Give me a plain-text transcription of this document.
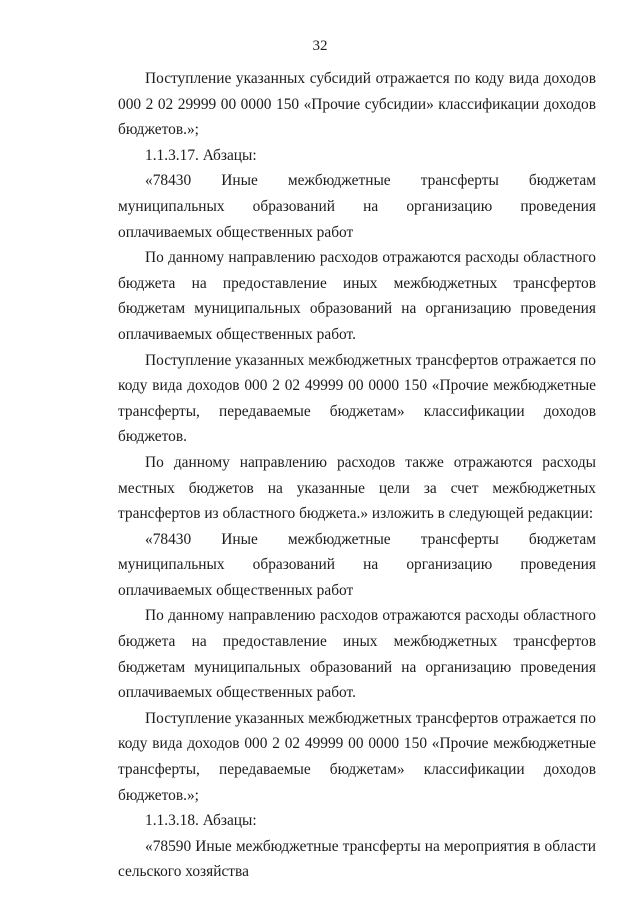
32

Поступление указанных субсидий отражается по коду вида доходов 000 2 02 29999 00 0000 150 «Прочие субсидии» классификации доходов бюджетов.»;

1.1.3.17. Абзацы:

«78430 Иные межбюджетные трансферты бюджетам муниципальных образований на организацию проведения оплачиваемых общественных работ

По данному направлению расходов отражаются расходы областного бюджета на предоставление иных межбюджетных трансфертов бюджетам муниципальных образований на организацию проведения оплачиваемых общественных работ.

Поступление указанных межбюджетных трансфертов отражается по коду вида доходов 000 2 02 49999 00 0000 150 «Прочие межбюджетные трансферты, передаваемые бюджетам» классификации доходов бюджетов.

По данному направлению расходов также отражаются расходы местных бюджетов на указанные цели за счет межбюджетных трансфертов из областного бюджета.» изложить в следующей редакции:

«78430 Иные межбюджетные трансферты бюджетам муниципальных образований на организацию проведения оплачиваемых общественных работ

По данному направлению расходов отражаются расходы областного бюджета на предоставление иных межбюджетных трансфертов бюджетам муниципальных образований на организацию проведения оплачиваемых общественных работ.

Поступление указанных межбюджетных трансфертов отражается по коду вида доходов 000 2 02 49999 00 0000 150 «Прочие межбюджетные трансферты, передаваемые бюджетам» классификации доходов бюджетов.»;

1.1.3.18. Абзацы:

«78590 Иные межбюджетные трансферты на мероприятия в области сельского хозяйства
